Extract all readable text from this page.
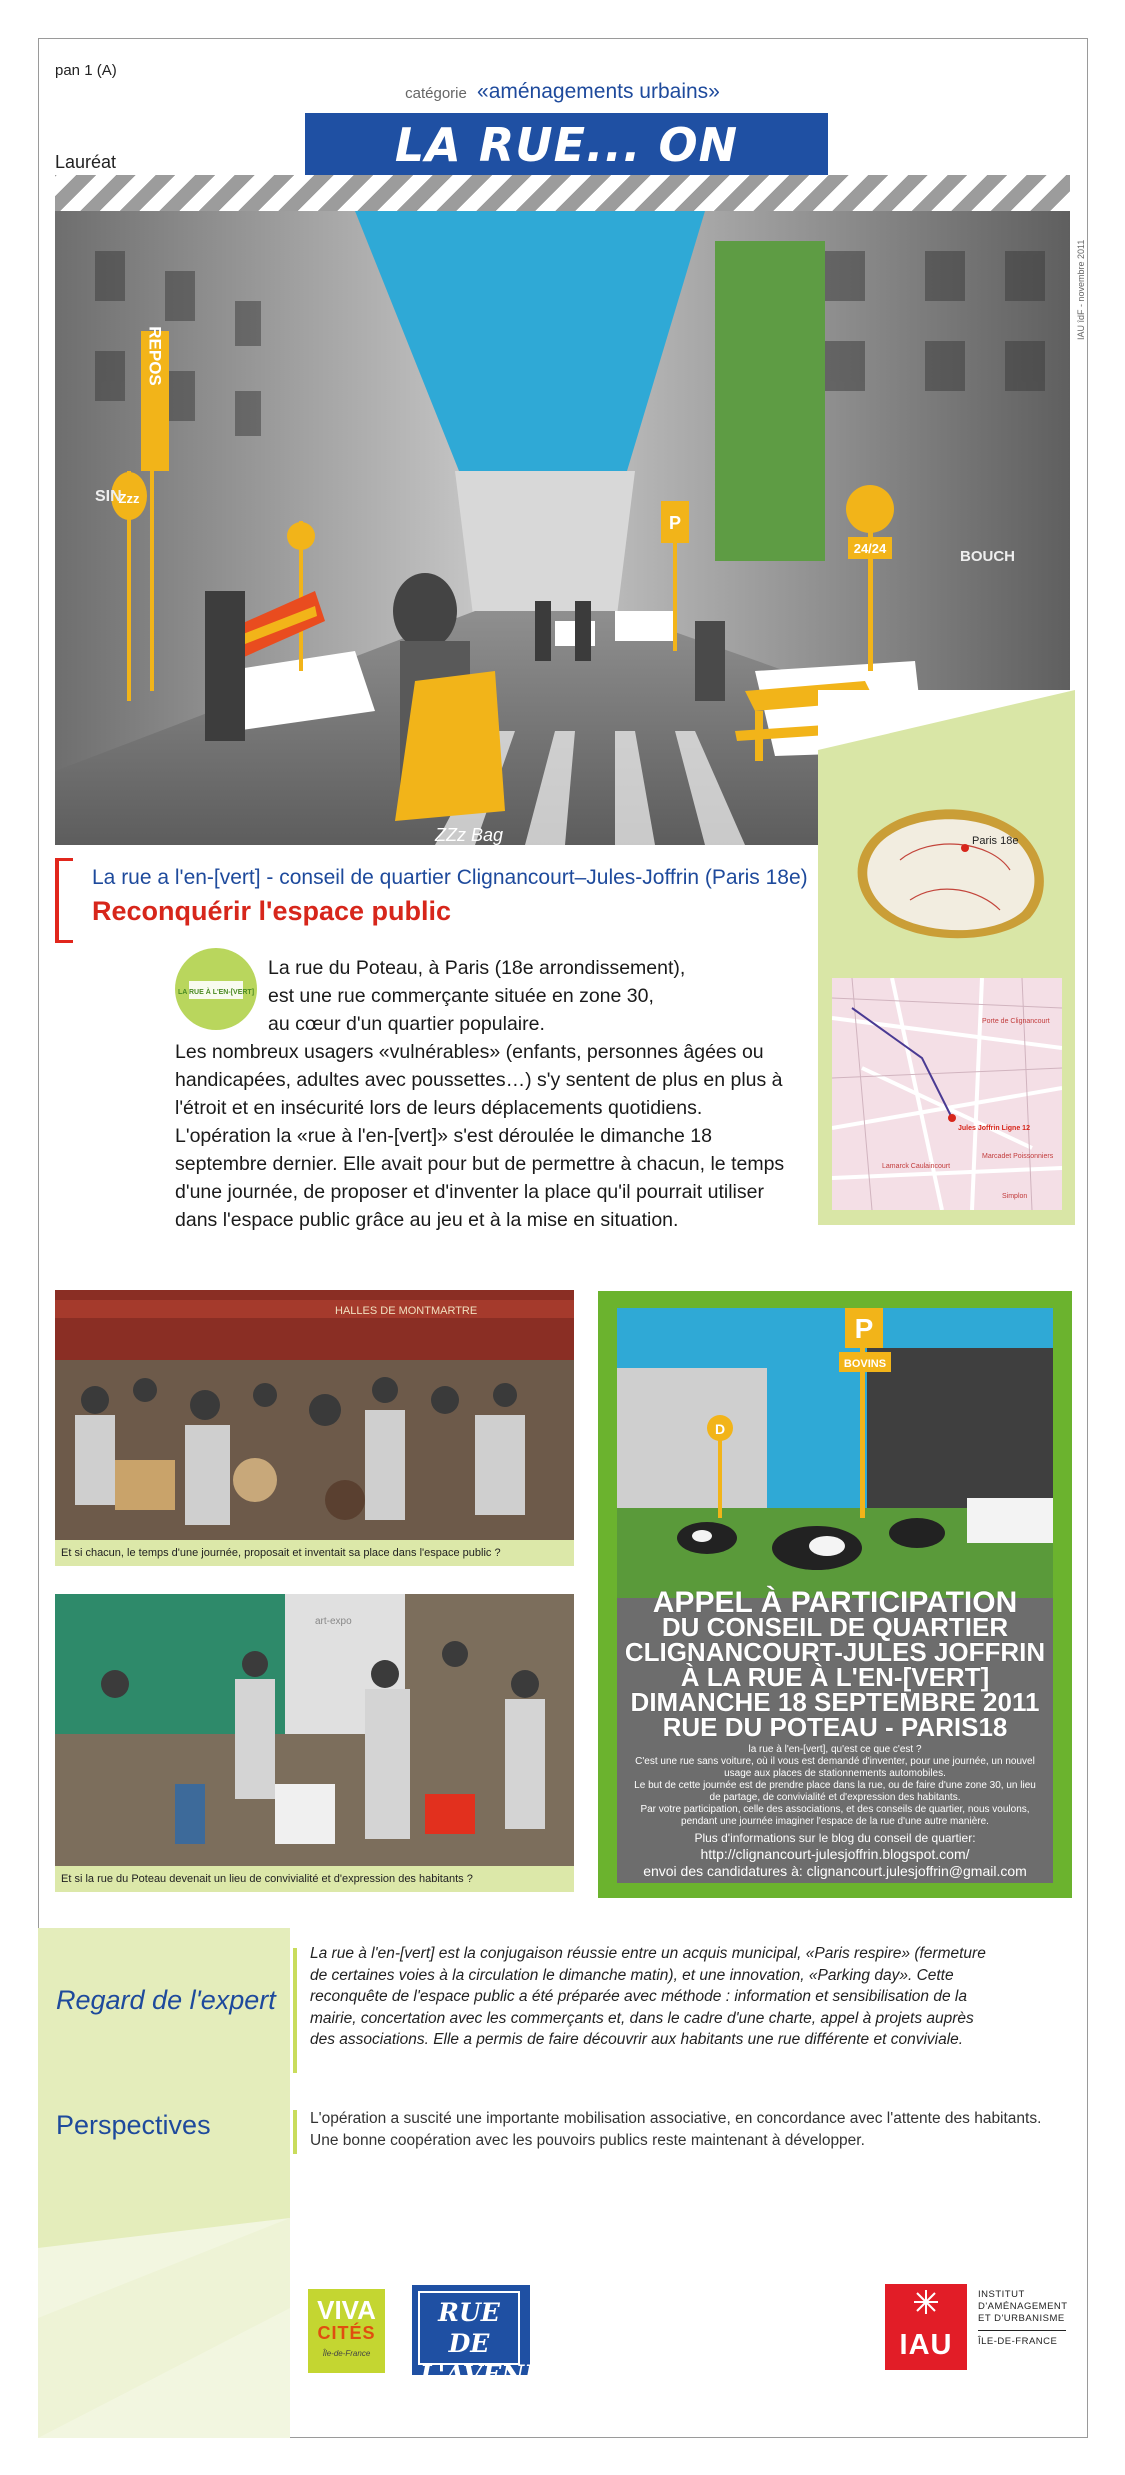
pan 1 (A)
catégorie «aménagements urbains»
LA RUE... ON
Lauréat
IAU îdF - novembre 2011
REPOS
Zzz
P
24/24
ZZz Bag
SIN
BOUCH
Paris 18e
Porte de Clignancourt
Jules Joffrin Ligne 12
Lamarck Caulaincourt
Marcadet Poissonniers
Simplon
La rue a l'en-[vert] - conseil de quartier Clignancourt–Jules-Joffrin (Paris 18e)
Reconquérir l'espace public
LA RUE À L'EN-[VERT]

La rue du Poteau, à Paris (18e arrondissement),

est une rue commerçante située en zone 30,

au cœur d'un quartier populaire.

Les nombreux usagers «vulnérables» (enfants, personnes âgées ou handicapées, adultes avec poussettes…) s'y sentent de plus en plus à l'étroit et en insécurité lors de leurs déplacements quotidiens. L'opération la «rue à l'en-[vert]» s'est déroulée le dimanche 18 septembre dernier. Elle avait pour but de permettre à chacun, le temps d'une journée, de proposer et d'inventer la place qu'il pourrait utiliser dans l'espace public grâce au jeu et à la mise en situation.

HALLES DE MONTMARTRE
Et si chacun, le temps d'une journée, proposait et inventait sa place dans l'espace public ?
art-expo
Et si la rue du Poteau devenait un lieu de convivialité et d'expression des habitants ?
P
BOVINS
D
APPEL À PARTICIPATION
DU CONSEIL DE QUARTIER
CLIGNANCOURT-JULES JOFFRIN
À LA RUE À L'EN-[VERT]
DIMANCHE 18 SEPTEMBRE 2011
RUE DU POTEAU - PARIS18
la rue à l'en-[vert], qu'est ce que c'est ?
C'est une rue sans voiture, où il vous est demandé d'inventer, pour une journée, un nouvel usage aux places de stationnements automobiles.
Le but de cette journée est de prendre place dans la rue, ou de faire d'une zone 30, un lieu de partage, de convivialité et d'expression des habitants.
Par votre participation, celle des associations, et des conseils de quartier, nous voulons, pendant une journée imaginer l'espace de la rue d'une autre manière.
Plus d'informations sur le blog du conseil de quartier:
http://clignancourt-julesjoffrin.blogspot.com/
envoi des candidatures à: clignancourt.julesjoffrin@gmail.com
Regard de l'expert
La rue à l'en-[vert] est la conjugaison réussie entre un acquis municipal, «Paris respire» (fermeture de certaines voies à la circulation le dimanche matin), et une innovation, «Parking day». Cette reconquête de l'espace public a été préparée avec méthode : information et sensibilisation de la mairie, concertation avec les commerçants et, dans le cadre d'une charte, appel à projets auprès des associations. Elle a permis de faire découvrir aux habitants une rue différente et conviviale.
Perspectives	L'opération a suscité une importante mobilisation associative, en concordance avec l'attente des habitants. Une bonne coopération avec les pouvoirs publics reste maintenant à développer.
VIVA
CITÉS
Île-de-France
RUE DE
L'AVENIR
IAU
INSTITUT
D'AMÉNAGEMENT
ET D'URBANISME
ÎLE-DE-FRANCE
